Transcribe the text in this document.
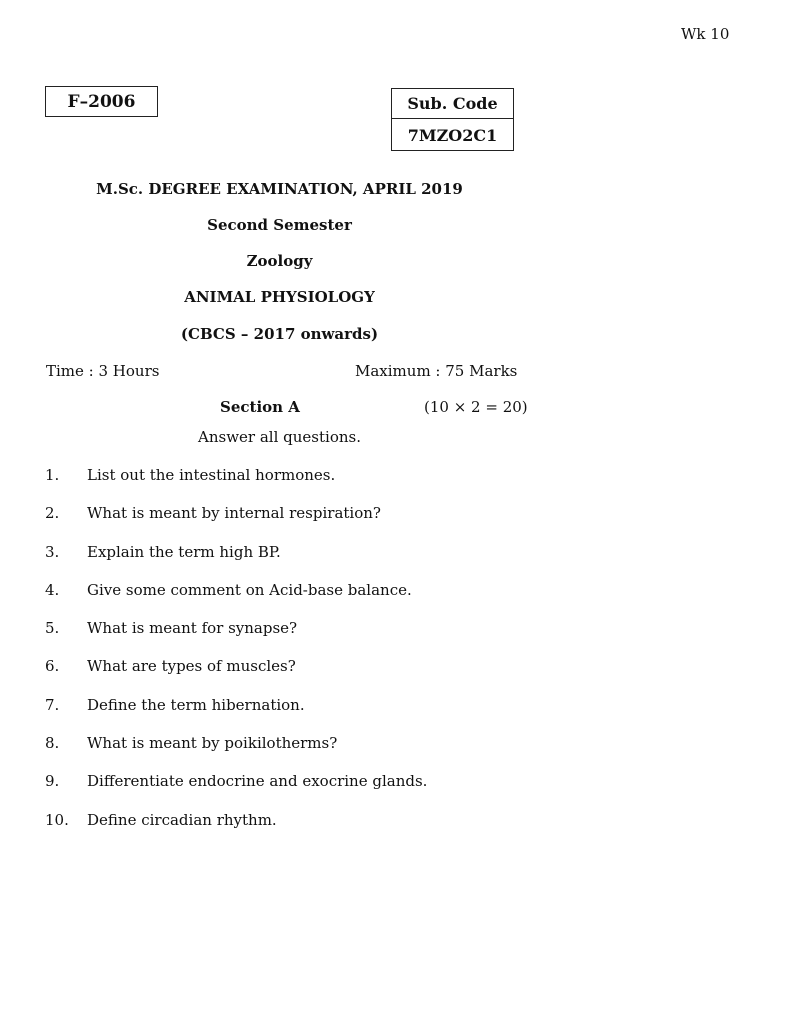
Wk 10
F–2006	Sub. Code
7MZO2C1
M.Sc. DEGREE EXAMINATION, APRIL 2019
Second Semester
Zoology
ANIMAL PHYSIOLOGY
(CBCS – 2017 onwards)
Time : 3 Hours	Maximum : 75 Marks
Section A	(10 × 2 = 20)
Answer all questions.
1.	List out the intestinal hormones.
2.	What is meant by internal respiration?
3.	Explain the term high BP.
4.	Give some comment on Acid-base balance.
5.	What is meant for synapse?
6.	What are types of muscles?
7.	Define the term hibernation.
8.	What is meant by poikilotherms?
9.	Differentiate endocrine and exocrine glands.
10.	Define circadian rhythm.
